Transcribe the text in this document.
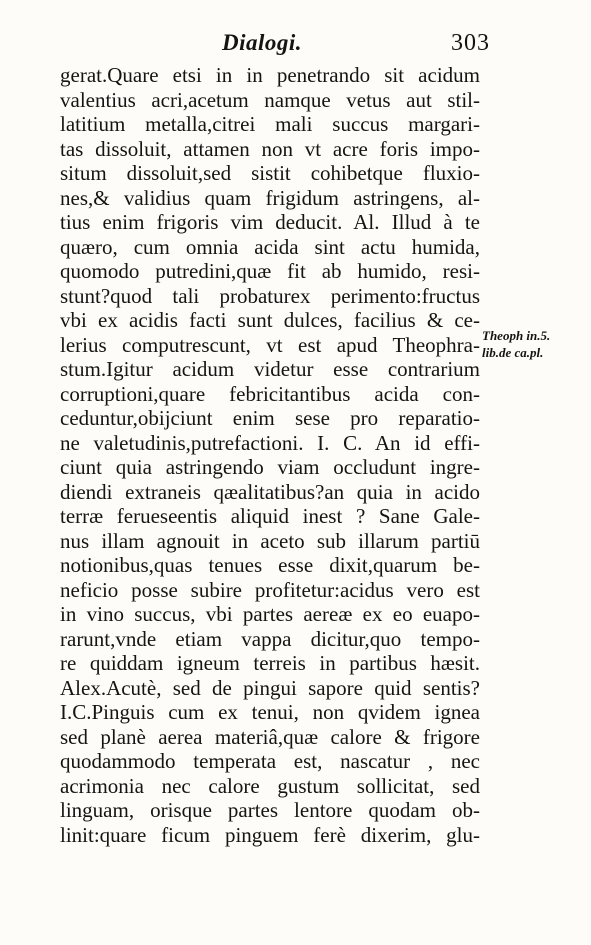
Dialogi.	303
gerat.Quare etsi in in penetrando sit acidum
valentius acri,acetum namque vetus aut stil-
latitium metalla,citrei mali succus margari-
tas dissoluit, attamen non vt acre foris impo-
situm dissoluit,sed sistit cohibetque fluxio-
nes,& validius quam frigidum astringens, al-
tius enim frigoris vim deducit. Al. Illud à te
quæro, cum omnia acida sint actu humida,
quomodo putredini,quæ fit ab humido, resi-
stunt?quod tali probaturex perimento:fructus
vbi ex acidis facti sunt dulces, facilius & ce-
lerius computrescunt, vt est apud Theophra-
stum.Igitur acidum videtur esse contrarium
corruptioni,quare febricitantibus acida con-
ceduntur,obijciunt enim sese pro reparatio-
ne valetudinis,putrefactioni. I. C. An id effi-
ciunt quia astringendo viam occludunt ingre-
diendi extraneis qæalitatibus?an quia in acido
terræ ferueseentis aliquid inest ? Sane Gale-
nus illam agnouit in aceto sub illarum partiū
notionibus,quas tenues esse dixit,quarum be-
neficio posse subire profitetur:acidus vero est
in vino succus, vbi partes aereæ ex eo euapo-
rarunt,vnde etiam vappa dicitur,quo tempo-
re quiddam igneum terreis in partibus hæsit.
Alex.Acutè, sed de pingui sapore quid sentis?
I.C.Pinguis cum ex tenui, non qvidem ignea
sed planè aerea materiâ,quæ calore & frigore
quodammodo temperata est, nascatur , nec
acrimonia nec calore gustum sollicitat, sed
linguam, orisque partes lentore quodam ob-
linit:quare ficum pinguem ferè dixerim, glu-
Theoph in.5.
lib.de ca.pl.
